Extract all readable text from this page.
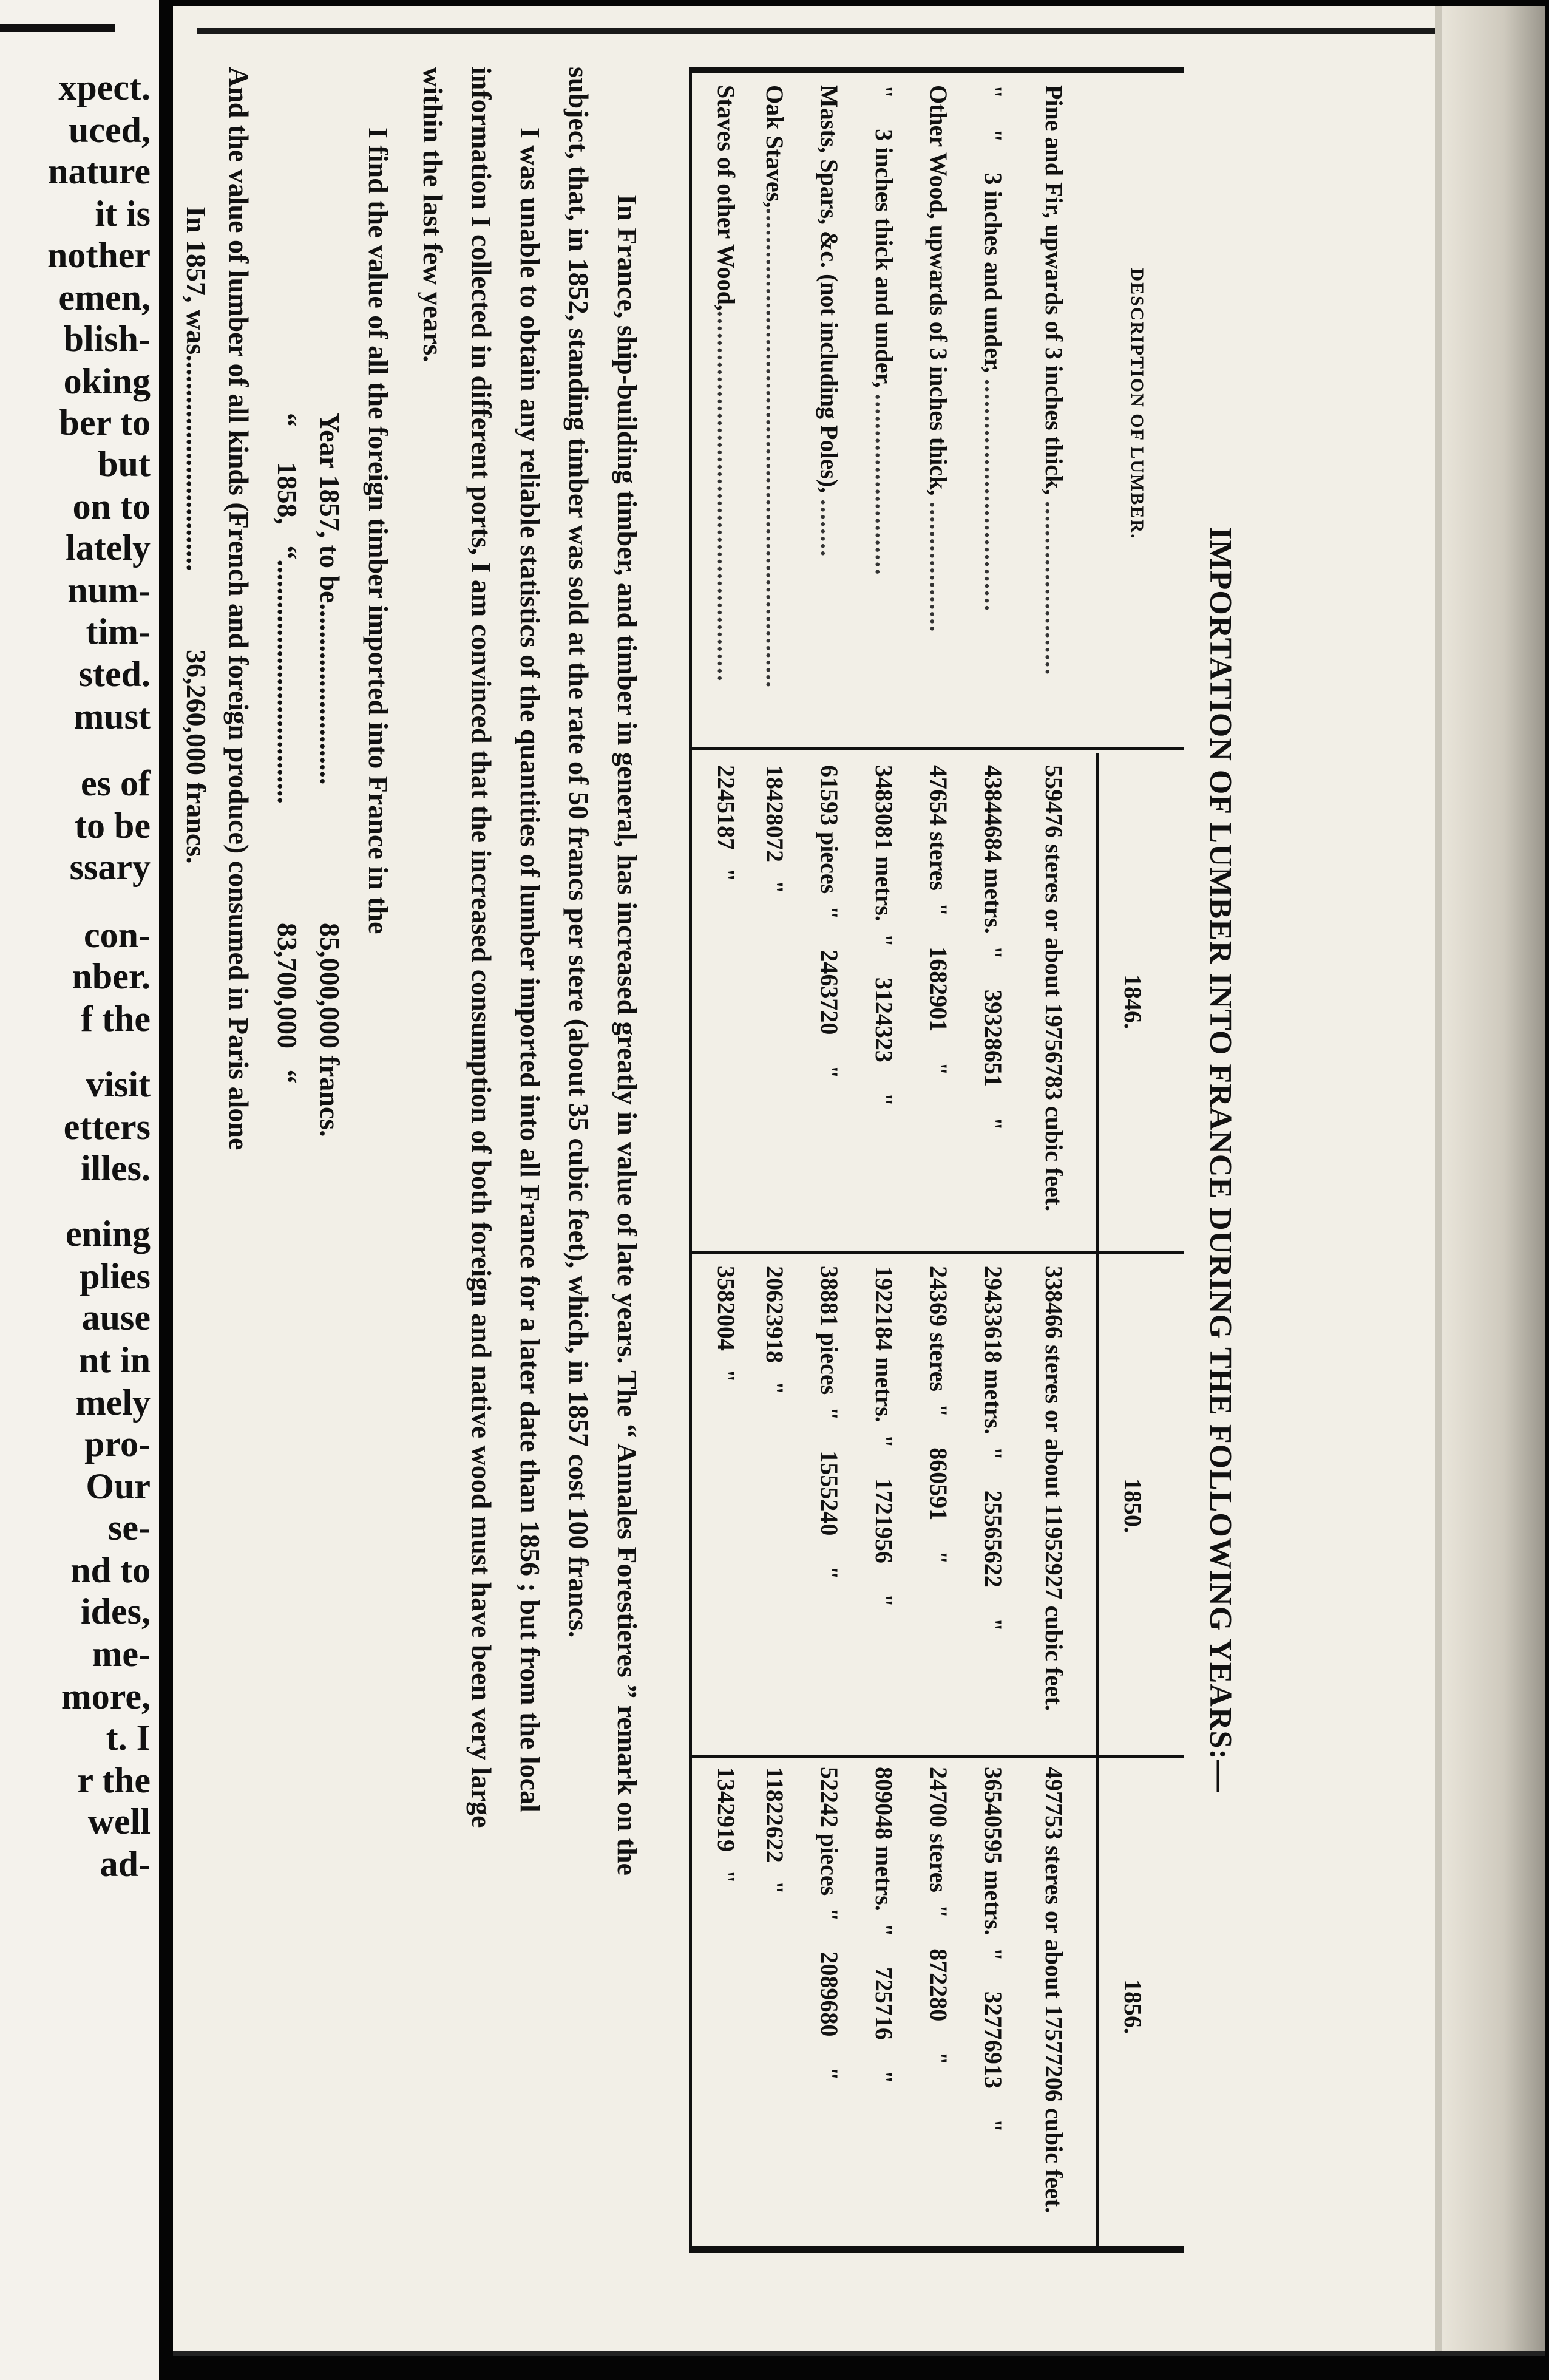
xpect.
uced,
nature
it is
nother
emen,
blish-
oking
ber to
but
on to
lately
num-
tim-
sted.
must
es of
to be
ssary
con-
nber.
f the
visit
etters
illes.
ening
plies
ause
nt in
mely
pro-
Our
se-
nd to
ides,
me-
more,
t. I
r the
well
ad-
IMPORTATION OF LUMBER INTO FRANCE DURING THE FOLLOWING YEARS:—
DESCRIPTION OF LUMBER.
1846.
1850.
1856.
Pine and Fir, upwards of 3 inches thick, ........................
559476 steres or about 19756783 cubic feet.
338466 steres or about 11952927 cubic feet.
497753 steres or about 17577206 cubic feet.
"     "     3 inches and under, ................................
43844684 metrs.  "     39328651     "
29433618 metrs.  "     25565622     "
36540595 metrs.  "     32776913     "
Other Wood, upwards of 3 inches thick, ..................
47654 steres  "     1682901     "
24369 steres  "     860591     "
24700 steres  "     872280     "
"     3 inches thick and under, .........................
3483081 metrs.  "     3124323     "
1922184 metrs.  "     1721956     "
809048 metrs.  "     725716     "
Masts, Spars, &c. (not including Poles), ........
61593 pieces  "     2463720     "
38881 pieces  "     1555240     "
52242 pieces  "     2089680     "
Oak Staves,..................................................................
18428072   "
20623918   "
11822622   "
Staves of other Wood,...................................................
2245187   "
3582004   "
1342919   "
In France, ship-building timber, and timber in general, has increased greatly in value of late years. The “ Annales Forestieres ” remark on the
subject, that, in 1852, standing timber was sold at the rate of 50 francs per stere (about 35 cubic feet), which, in 1857 cost 100 francs.
I was unable to obtain any reliable statistics of the quantities of lumber imported into all France for a later date than 1856 ; but from the local
information I collected in different ports, I am convinced that the increased consumption of both foreign and native wood must have been very large
within the last few years.
I find the value of all the foreign timber imported into France in the
Year 1857, to be..........................
85,000,000 francs.
“     1858,   “...................................
83,700,000   “
And the value of lumber of all kinds (French and foreign produce) consumed in Paris alone
In 1857, was...............................
36,260,000 francs.
